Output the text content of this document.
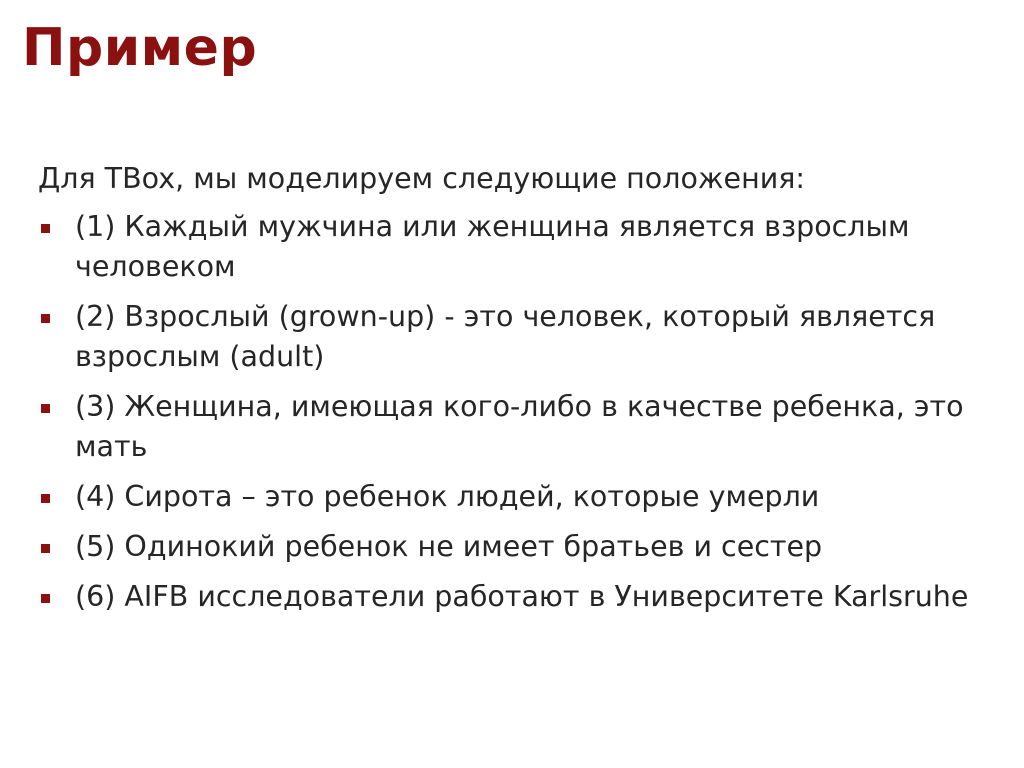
Пример
Для TBox, мы моделируем следующие положения:
(1) Каждый мужчина или женщина является взрослым человеком
(2) Взрослый (grown-up) - это человек, который является взрослым (adult)
(3) Женщина, имеющая кого-либо в качестве ребенка, это мать
(4) Сирота – это ребенок людей, которые умерли
(5) Одинокий ребенок не имеет братьев и сестер
(6) AIFB исследователи работают в Университете Karlsruhe
